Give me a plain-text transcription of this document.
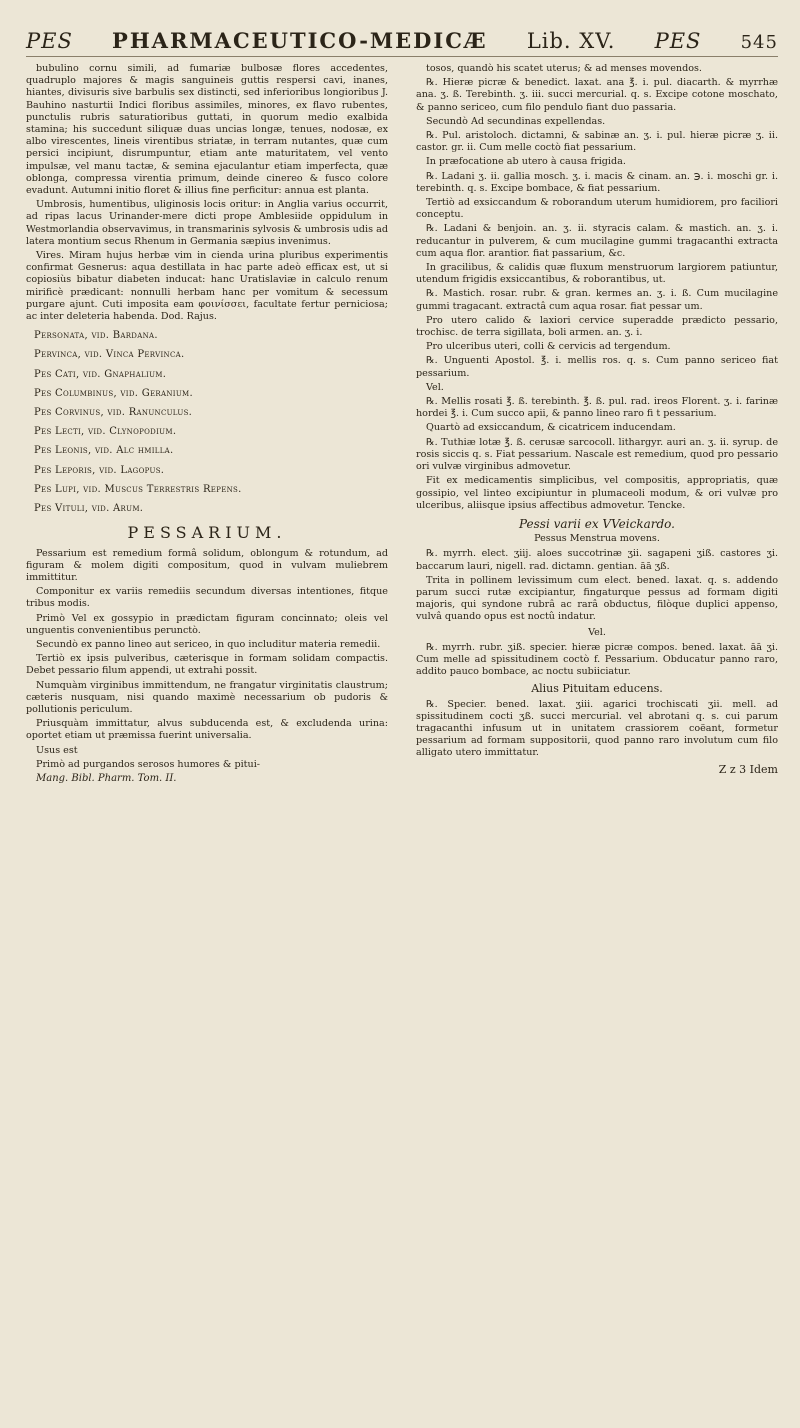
PES PHARMACEUTICO-MEDICÆ Lib. XV. PES 545

bubulino cornu simili, ad fumariæ bulbosæ flores accedentes, quadruplo majores & magis sanguineis guttis respersi cavi, inanes, hiantes, divisuris sive barbulis sex distincti, sed inferioribus longioribus J. Bauhino nasturtii Indici floribus assimiles, minores, ex flavo rubentes, punctulis rubris saturatioribus guttati, in quorum medio exalbida stamina; his succedunt siliquæ duas uncias longæ, tenues, nodosæ, ex albo virescentes, lineis virentibus striatæ, in terram nutantes, quæ cum persici incipiunt, disrumpuntur, etiam ante maturitatem, vel vento impulsæ, vel manu tactæ, & semina ejaculantur etiam imperfecta, quæ oblonga, compressa virentia primum, deinde cinereo & fusco colore evadunt. Autumni initio floret & illius fine perficitur: annua est planta.

Umbrosis, humentibus, uliginosis locis oritur: in Anglia varius occurrit, ad ripas lacus Urinander-mere dicti prope Amblesiide oppidulum in Westmorlandia observavimus, in transmarinis sylvosis & umbrosis udis ad latera montium secus Rhenum in Germania sæpius invenimus.

Vires. Miram hujus herbæ vim in cienda urina pluribus experimentis confirmat Gesnerus: aqua destillata in hac parte adeò efficax est, ut si copiosiùs bibatur diabeten inducat: hanc Uratislaviæ in calculo renum mirificè prædicant: nonnulli herbam hanc per vomitum & secessum purgare ajunt. Cuti imposita eam φοινίσσει, facultate fertur perniciosa; ac inter deleteria habenda. Dod. Rajus.

Personata, vid. Bardana.

Pervinca, vid. Vinca Pervinca.

Pes Cati, vid. Gnaphalium.

Pes Columbinus, vid. Geranium.

Pes Corvinus, vid. Ranunculus.

Pes Lecti, vid. Clynopodium.

Pes Leonis, vid. Alc hmilla.

Pes Leporis, vid. Lagopus.

Pes Lupi, vid. Muscus Terrestris Repens.

Pes Vituli, vid. Arum.

PESSARIUM.

Pessarium est remedium formâ solidum, oblongum & rotundum, ad figuram & molem digiti compositum, quod in vulvam muliebrem immittitur.

Componitur ex variis remediis secundum diversas intentiones, fitque tribus modis.

Primò Vel ex gossypio in prædictam figuram concinnato; oleis vel unguentis convenientibus perunctò.

Secundò ex panno lineo aut sericeo, in quo includitur materia remedii.

Tertiò ex ipsis pulveribus, cæterisque in formam solidam compactis. Debet pessario filum appendi, ut extrahi possit.

Numquàm virginibus immittendum, ne frangatur virginitatis claustrum; cæteris nusquam, nisi quando maximè necessarium ob pudoris & pollutionis periculum.

Priusquàm immittatur, alvus subducenda est, & excludenda urina: oportet etiam ut præmissa fuerint universalia.

Usus est

Primò ad purgandos serosos humores & pitui-

Mang. Bibl. Pharm. Tom. II.

tosos, quandò his scatet uterus; & ad menses movendos.

℞. Hieræ picræ & benedict. laxat. ana ℥. i. pul. diacarth. & myrrhæ ana. ʒ. ß. Terebinth. ʒ. iii. succi mercurial. q. s. Excipe cotone moschato, & panno sericeo, cum filo pendulo fiant duo passaria.

Secundò Ad secundinas expellendas.

℞. Pul. aristoloch. dictamni, & sabinæ an. ʒ. i. pul. hieræ picræ ʒ. ii. castor. gr. ii. Cum melle coctò fiat pessarium.

In præfocatione ab utero à causa frigida.

℞. Ladani ʒ. ii. gallia mosch. ʒ. i. macis & cinam. an. ℈. i. moschi gr. i. terebinth. q. s. Excipe bombace, & fiat pessarium.

Tertiò ad exsiccandum & roborandum uterum humidiorem, pro faciliori conceptu.

℞. Ladani & benjoin. an. ʒ. ii. styracis calam. & mastich. an. ʒ. i. reducantur in pulverem, & cum mucilagine gummi tragacanthi extracta cum aqua flor. arantior. fiat passarium, &c.

In gracilibus, & calidis quæ fluxum menstruorum largiorem patiuntur, utendum frigidis exsiccantibus, & roborantibus, ut.

℞. Mastich. rosar. rubr. & gran. kermes an. ʒ. i. ß. Cum mucilagine gummi tragacant. extractâ cum aqua rosar. fiat pessar um.

Pro utero calido & laxiori cervice superadde prædicto pessario, trochisc. de terra sigillata, boli armen. an. ʒ. i.

Pro ulceribus uteri, colli & cervicis ad tergendum.

℞. Unguenti Apostol. ℥. i. mellis ros. q. s. Cum panno sericeo fiat pessarium.

Vel.

℞. Mellis rosati ℥. ß. terebinth. ℥. ß. pul. rad. ireos Florent. ʒ. i. farinæ hordei ℥. i. Cum succo apii, & panno lineo raro fi t pessarium.

Quartò ad exsiccandum, & cicatricem inducendam.

℞. Tuthiæ lotæ ℥. ß. cerusæ sarcocoll. lithargyr. auri an. ʒ. ii. syrup. de rosis siccis q. s. Fiat pessarium. Nascale est remedium, quod pro pessario ori vulvæ virginibus admovetur.

Fit ex medicamentis simplicibus, vel compositis, appropriatis, quæ gossipio, vel linteo excipiuntur in plumaceoli modum, & ori vulvæ pro ulceribus, aliisque ipsius affectibus admovetur. Tencke.

Pessi varii ex VVeickardo.

Pessus Menstrua movens.

℞. myrrh. elect. ʒiij. aloes succotrinæ ʒii. sagapeni ʒiß. castores ʒi. baccarum lauri, nigell. rad. dictamn. gentian. āā ʒß.

Trita in pollinem levissimum cum elect. bened. laxat. q. s. addendo parum succi rutæ excipiantur, fingaturque pessus ad formam digiti majoris, qui syndone rubrâ ac rarâ obductus, filòque duplici appenso, vulvâ quando opus est noctû indatur.

Vel.

℞. myrrh. rubr. ʒiß. specier. hieræ picræ compos. bened. laxat. āā ʒi. Cum melle ad spissitudinem coctò f. Pessarium. Obducatur panno raro, addito pauco bombace, ac noctu subiiciatur.

Alius Pituitam educens.

℞. Specier. bened. laxat. ʒiii. agarici trochiscati ʒii. mell. ad spissitudinem cocti ʒß. succi mercurial. vel abrotani q. s. cui parum tragacanthi infusum ut in unitatem crassiorem coëant, formetur pessarium ad formam suppositorii, quod panno raro involutum cum filo alligato utero immittatur.

Z z 3 Idem
